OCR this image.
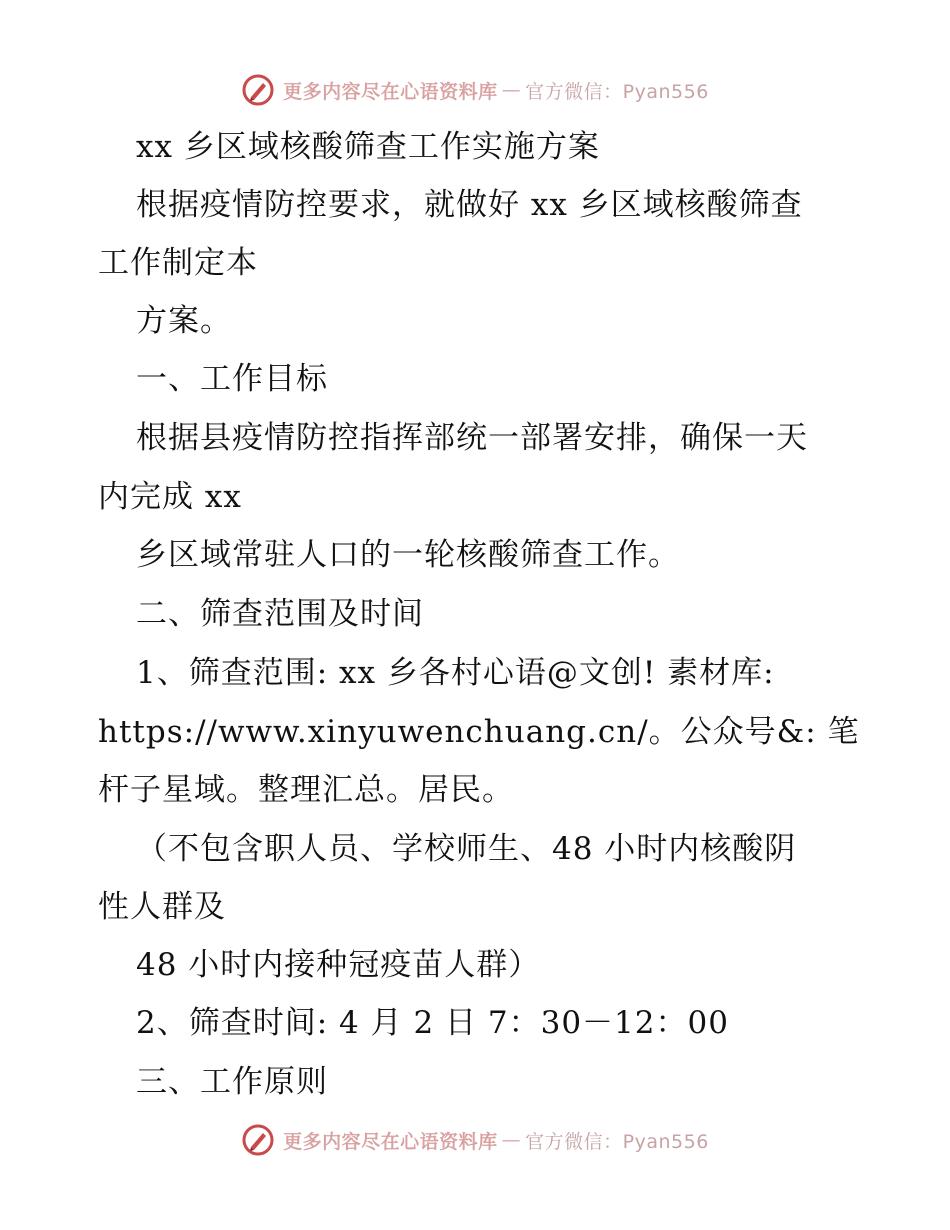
更多内容尽在心语资料库 — 官方微信：Pyan556
xx 乡区域核酸筛查工作实施方案
根据疫情防控要求，就做好 xx 乡区域核酸筛查
工作制定本
方案。
一、工作目标
根据县疫情防控指挥部统一部署安排，确保一天
内完成 xx
乡区域常驻人口的一轮核酸筛查工作。
二、筛查范围及时间
1、筛查范围: xx 乡各村心语@文创! 素材库:
https://www.xinyuwenchuang.cn/。公众号&: 笔
杆子星域。整理汇总。居民。
（不包含职人员、学校师生、48 小时内核酸阴
性人群及
48 小时内接种冠疫苗人群）
2、筛查时间: 4 月 2 日 7：30－12：00
三、工作原则
更多内容尽在心语资料库 — 官方微信：Pyan556
